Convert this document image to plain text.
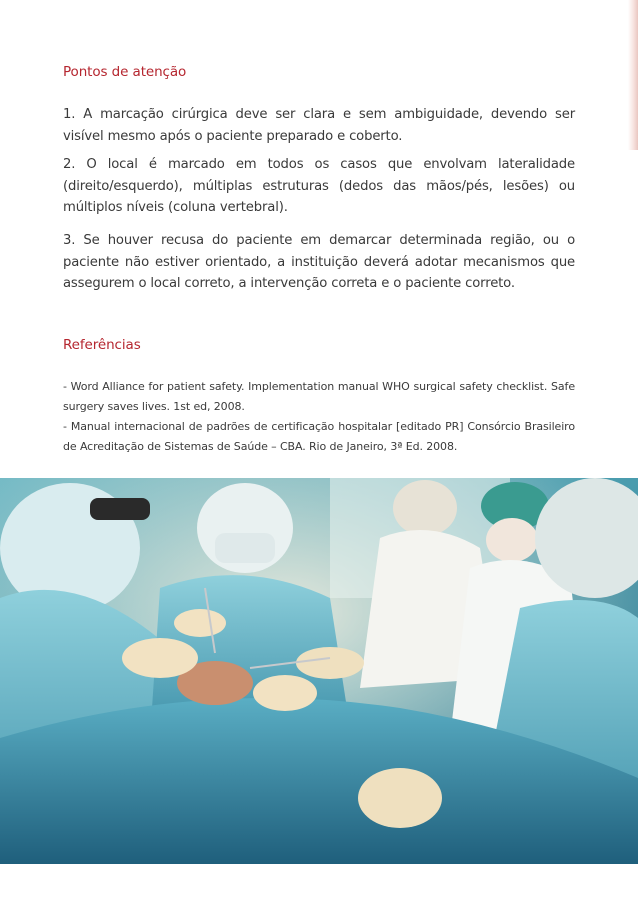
Pontos de atenção

1. A marcação cirúrgica deve ser clara e sem ambiguidade, devendo ser visível mesmo após o paciente preparado e coberto.

2. O local é marcado em todos os casos que envolvam lateralidade (direito/esquerdo), múltiplas estruturas (dedos das mãos/pés, lesões) ou múltiplos níveis (coluna vertebral).

3. Se houver recusa do paciente em demarcar determinada região, ou o paciente não estiver orientado, a instituição deverá adotar mecanismos que assegurem o local correto, a intervenção correta e o paciente correto.

Referências

- Word Alliance for patient safety. Implementation manual WHO surgical safety checklist. Safe surgery saves lives. 1st ed, 2008.

- Manual internacional de padrões de certificação hospitalar [editado PR] Consórcio Brasileiro de Acreditação de Sistemas de Saúde – CBA. Rio de Janeiro, 3ª Ed. 2008.
